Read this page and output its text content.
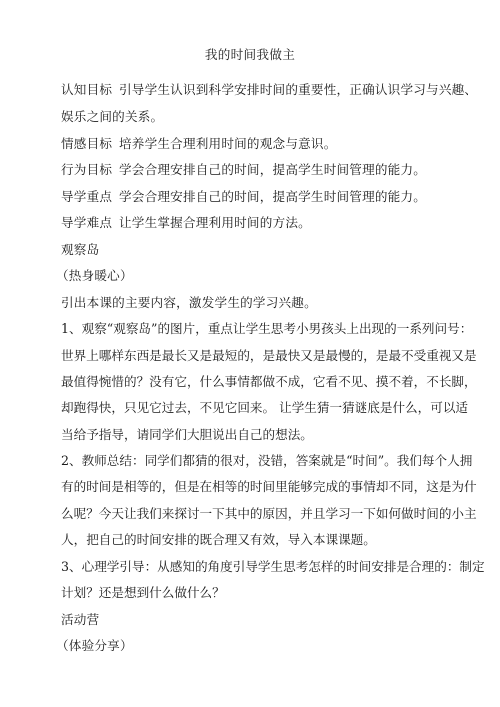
我的时间我做主
认知目标 引导学生认识到科学安排时间的重要性，正确认识学习与兴趣、
娱乐之间的关系。
情感目标 培养学生合理利用时间的观念与意识。
行为目标 学会合理安排自己的时间，提高学生时间管理的能力。
导学重点 学会合理安排自己的时间，提高学生时间管理的能力。
导学难点 让学生掌握合理利用时间的方法。
观察岛
（热身暖心）
引出本课的主要内容，激发学生的学习兴趣。
1、观察“观察岛”的图片，重点让学生思考小男孩头上出现的一系列问号：
世界上哪样东西是最长又是最短的，是最快又是最慢的，是最不受重视又是
最值得惋惜的？没有它，什么事情都做不成，它看不见、摸不着，不长脚，
却跑得快，只见它过去，不见它回来。 让学生猜一猜谜底是什么，可以适
当给予指导，请同学们大胆说出自己的想法。
2、教师总结：同学们都猜的很对，没错，答案就是“时间”。我们每个人拥
有的时间是相等的，但是在相等的时间里能够完成的事情却不同，这是为什
么呢？今天让我们来探讨一下其中的原因，并且学习一下如何做时间的小主
人，把自己的时间安排的既合理又有效，导入本课课题。
3、心理学引导：从感知的角度引导学生思考怎样的时间安排是合理的：制定
计划？还是想到什么做什么？
活动营
（体验分享）
